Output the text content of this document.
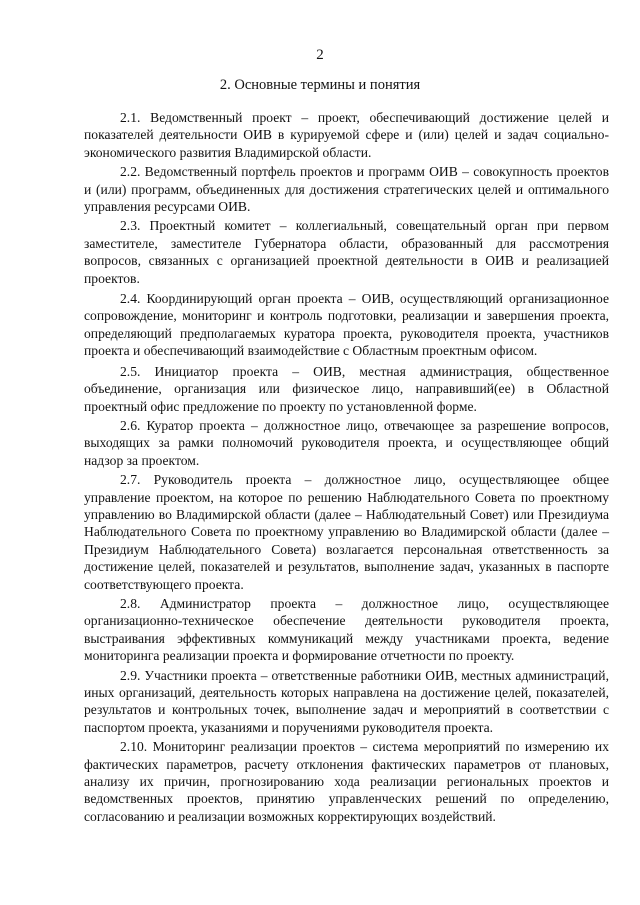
2
2. Основные термины и понятия

2.1. Ведомственный проект – проект, обеспечивающий достижение целей и показателей деятельности ОИВ в курируемой сфере и (или) целей и задач социально-экономического развития Владимирской области.

2.2. Ведомственный портфель проектов и программ ОИВ – совокупность проектов и (или) программ, объединенных для достижения стратегических целей и оптимального управления ресурсами ОИВ.

2.3. Проектный комитет – коллегиальный, совещательный орган при первом заместителе, заместителе Губернатора области, образованный для рассмотрения вопросов, связанных с организацией проектной деятельности в ОИВ и реализацией проектов.

2.4. Координирующий орган проекта – ОИВ, осуществляющий организационное сопровождение, мониторинг и контроль подготовки, реализации и завершения проекта, определяющий предполагаемых куратора проекта, руководителя проекта, участников проекта и обеспечивающий взаимодействие с Областным проектным офисом.

2.5. Инициатор проекта – ОИВ, местная администрация, общественное объединение, организация или физическое лицо, направивший(ее) в Областной проектный офис предложение по проекту по установленной форме.

2.6. Куратор проекта – должностное лицо, отвечающее за разрешение вопросов, выходящих за рамки полномочий руководителя проекта, и осуществляющее общий надзор за проектом.

2.7. Руководитель проекта – должностное лицо, осуществляющее общее управление проектом, на которое по решению Наблюдательного Совета по проектному управлению во Владимирской области (далее – Наблюдательный Совет) или Президиума Наблюдательного Совета по проектному управлению во Владимирской области (далее – Президиум Наблюдательного Совета) возлагается персональная ответственность за достижение целей, показателей и результатов, выполнение задач, указанных в паспорте соответствующего проекта.

2.8. Администратор проекта – должностное лицо, осуществляющее организационно-техническое обеспечение деятельности руководителя проекта, выстраивания эффективных коммуникаций между участниками проекта, ведение мониторинга реализации проекта и формирование отчетности по проекту.

2.9. Участники проекта – ответственные работники ОИВ, местных администраций, иных организаций, деятельность которых направлена на достижение целей, показателей, результатов и контрольных точек, выполнение задач и мероприятий в соответствии с паспортом проекта, указаниями и поручениями руководителя проекта.

2.10. Мониторинг реализации проектов – система мероприятий по измерению их фактических параметров, расчету отклонения фактических параметров от плановых, анализу их причин, прогнозированию хода реализации региональных проектов и ведомственных проектов, принятию управленческих решений по определению, согласованию и реализации возможных корректирующих воздействий.
